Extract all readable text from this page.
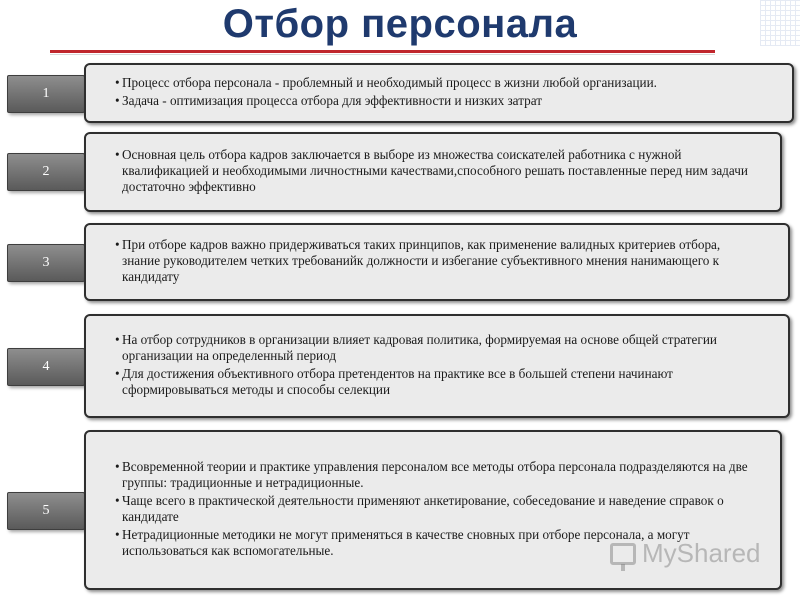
Отбор персонала
1
• Процесс отбора персонала - проблемный и необходимый процесс в жизни любой организации.
• Задача - оптимизация процесса отбора для эффективности и низких затрат
2
• Основная цель отбора кадров заключается в выборе из множества соискателей работника с нужной квалификацией и необходимыми личностными качествами,способного решать поставленные перед ним задачи достаточно эффективно
3
• При отборе кадров важно придерживаться таких принципов, как применение валидных критериев отбора, знание руководителем четких требованийк должности и избегание субъективного мнения нанимающего к кандидату
4
• На отбор сотрудников в организации влияет кадровая политика, формируемая на основе общей стратегии организации на определенный период
• Для достижения объективного отбора претендентов на практике все в большей степени начинают сформировываться методы и способы селекции
5
• Всовременной теории и практике управления персоналом все методы отбора персонала подразделяются на две группы: традиционные и нетрадиционные.
• Чаще всего в практической деятельности применяют анкетирование, собеседование и наведение справок о кандидате
• Нетрадиционные методики не могут применяться в качестве сновных при отборе персонала, а могут использоваться как вспомогательные.	MyShared
